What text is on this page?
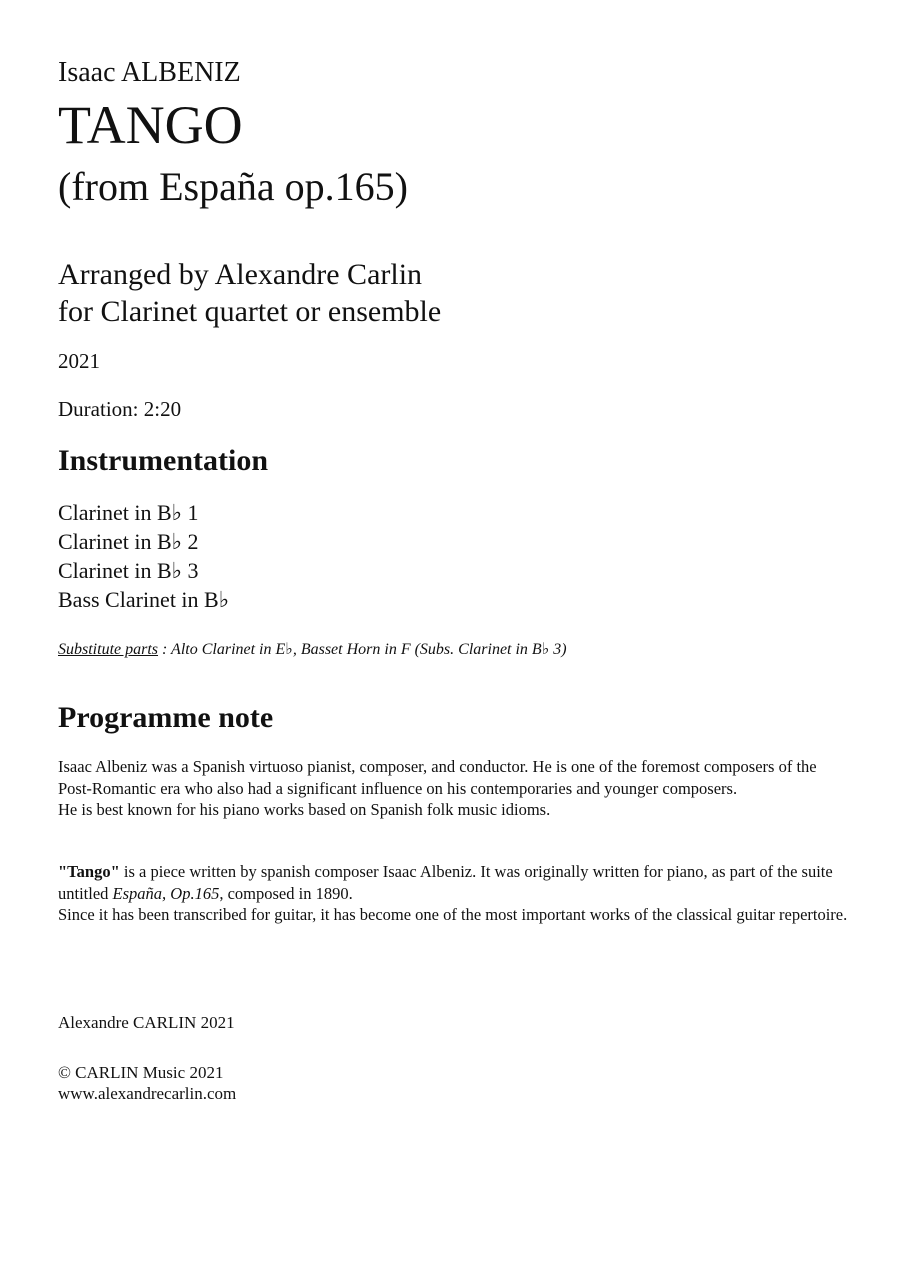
Isaac ALBENIZ

TANGO

(from España op.165)

Arranged by Alexandre Carlin

for Clarinet quartet or ensemble

2021

Duration: 2:20

Instrumentation
Clarinet in B♭ 1
Clarinet in B♭ 2
Clarinet in B♭ 3
Bass Clarinet in B♭

Substitute parts : Alto Clarinet in E♭, Basset Horn in F (Subs. Clarinet in B♭ 3)

Programme note
Isaac Albeniz was a Spanish virtuoso pianist, composer, and conductor. He is one of the foremost composers of the Post-Romantic era who also had a significant influence on his contemporaries and younger composers.
He is best known for his piano works based on Spanish folk music idioms.
"Tango" is a piece written by spanish composer Isaac Albeniz. It was originally written for piano, as part of the suite untitled España, Op.165, composed in 1890.
Since it has been transcribed for guitar, it has become one of the most important works of the classical guitar repertoire.

Alexandre CARLIN 2021

© CARLIN Music 2021

www.alexandrecarlin.com
